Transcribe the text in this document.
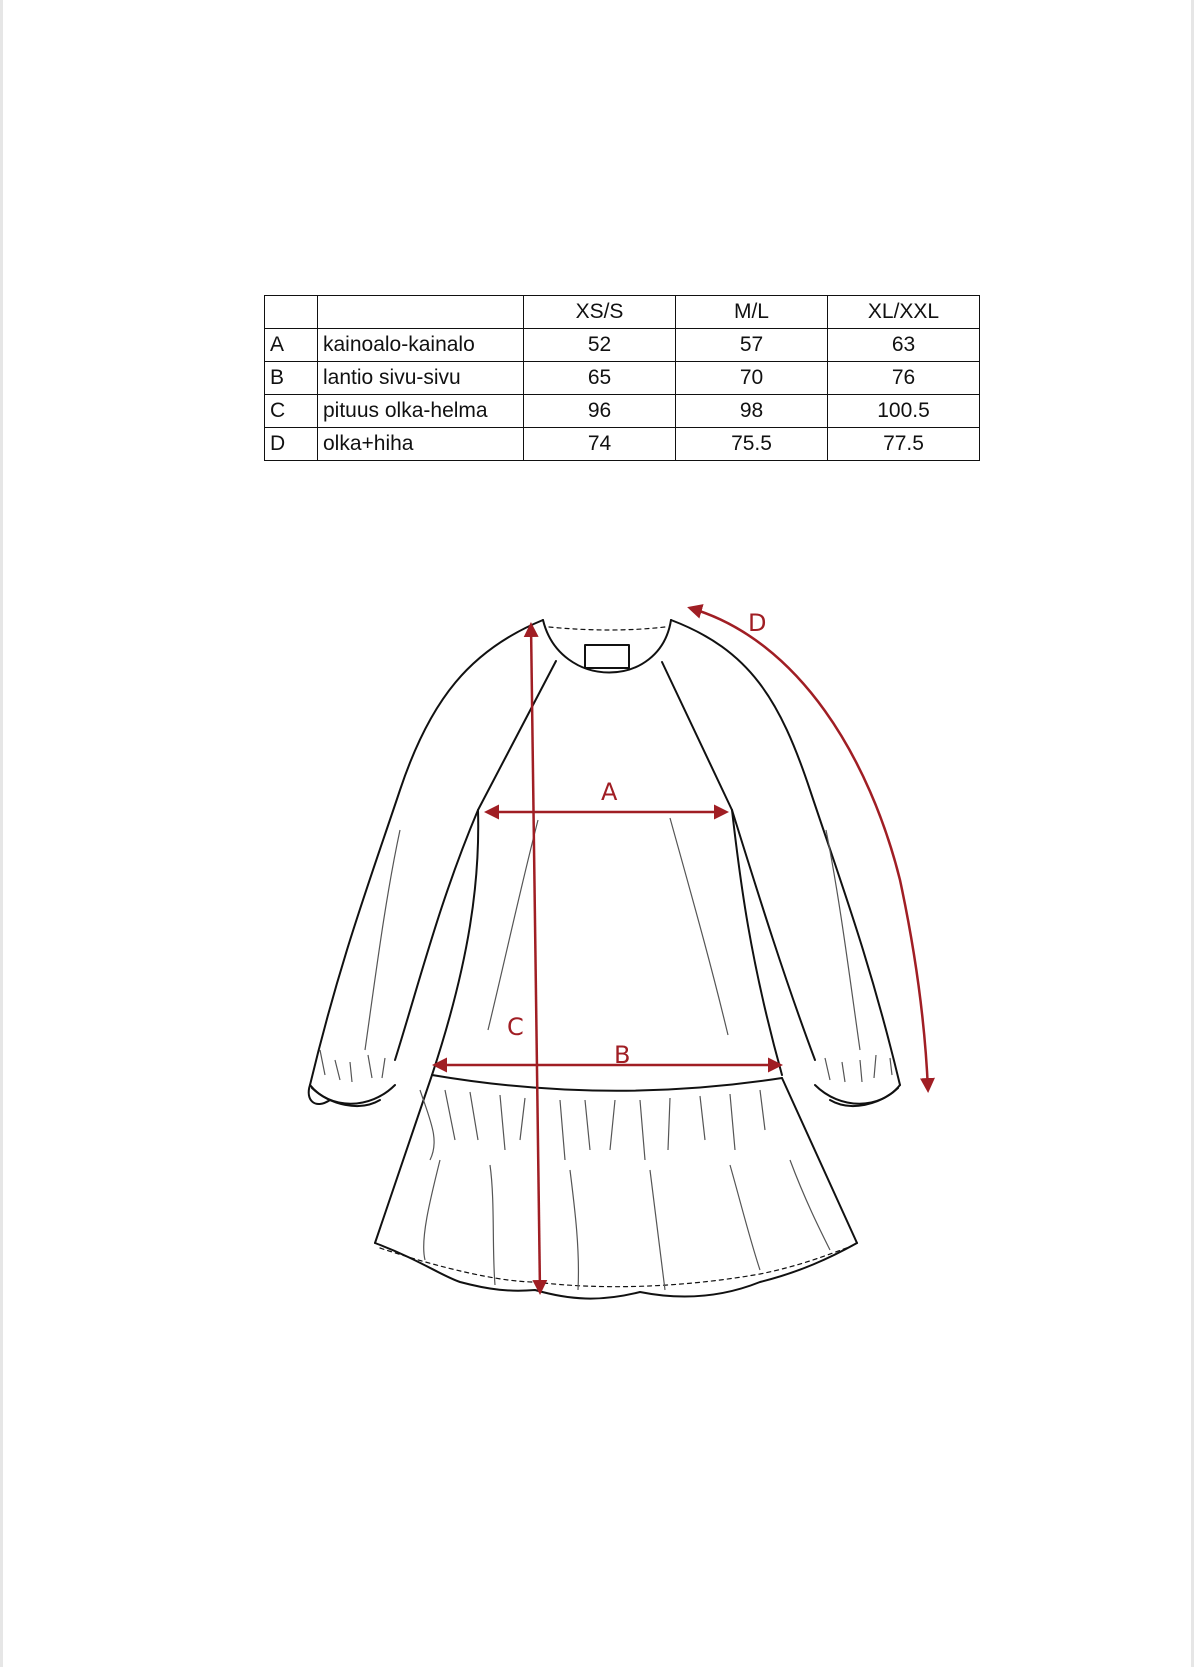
		XS/S	M/L	XL/XXL
A	kainoalo-kainalo	52	57	63
B	lantio sivu-sivu	65	70	76
C	pituus olka-helma	96	98	100.5
D	olka+hiha	74	75.5	77.5
A
B
C
D
